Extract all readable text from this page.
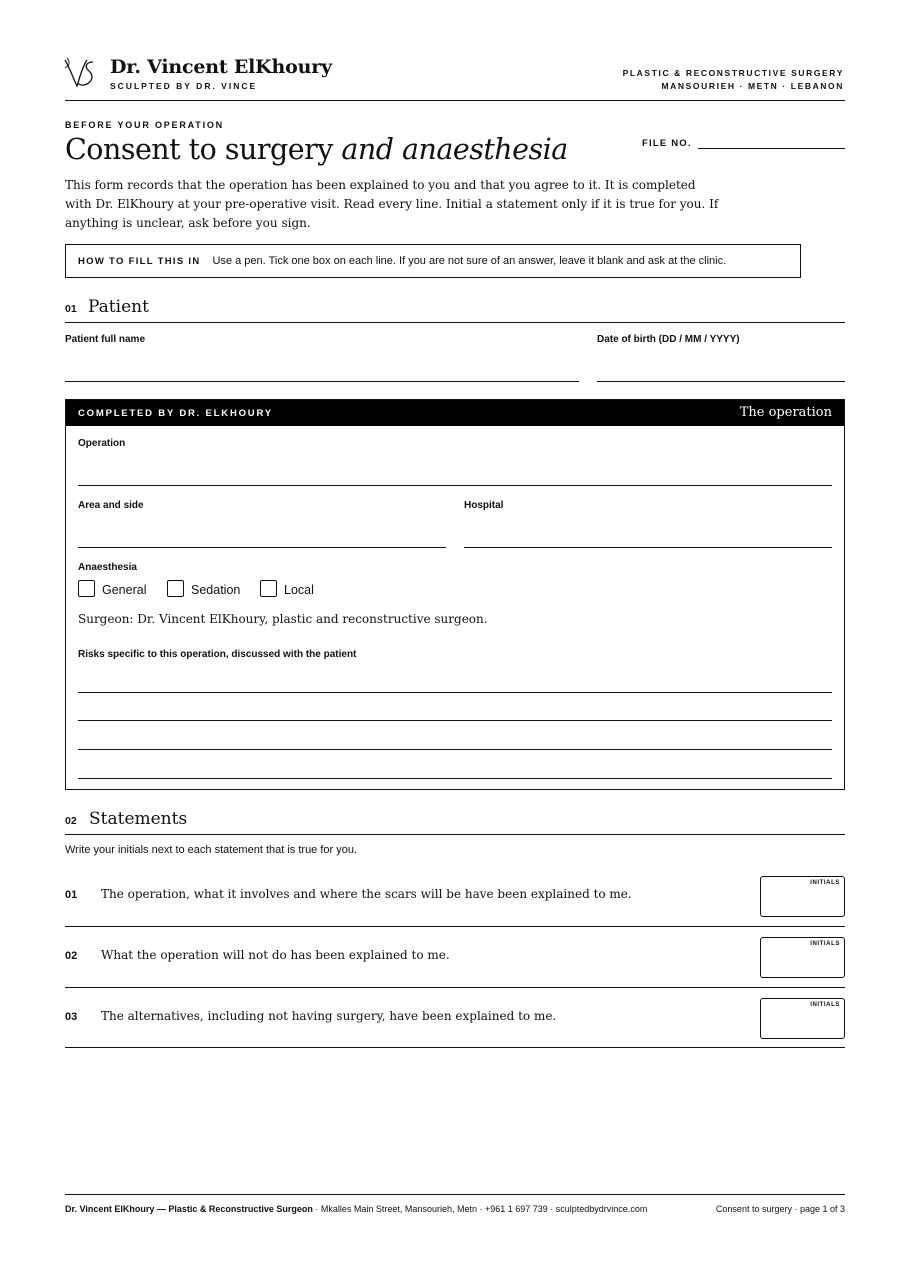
Dr. Vincent ElKhoury
SCULPTED BY DR. VINCE
PLASTIC & RECONSTRUCTIVE SURGERY
MANSOURIEH · METN · LEBANON
BEFORE YOUR OPERATION
Consent to surgery and anaesthesia	FILE NO.
This form records that the operation has been explained to you and that you agree to it. It is completed with Dr. ElKhoury at your pre-operative visit. Read every line. Initial a statement only if it is true for you. If anything is unclear, ask before you sign.
HOW TO FILL THIS IN Use a pen. Tick one box on each line. If you are not sure of an answer, leave it blank and ask at the clinic.
01 Patient
Patient full name	Date of birth (DD / MM / YYYY)
COMPLETED BY DR. ELKHOURY	The operation
Operation
Area and side	Hospital
Anaesthesia
General	Sedation	Local
Surgeon: Dr. Vincent ElKhoury, plastic and reconstructive surgeon.
Risks specific to this operation, discussed with the patient
02 Statements
Write your initials next to each statement that is true for you.
01 The operation, what it involves and where the scars will be have been explained to me.
INITIALS
02 What the operation will not do has been explained to me.
INITIALS
03 The alternatives, including not having surgery, have been explained to me.
INITIALS
Dr. Vincent ElKhoury — Plastic & Reconstructive Surgeon · Mkalles Main Street, Mansourieh, Metn · +961 1 697 739 · sculptedbydrvince.com	Consent to surgery · page 1 of 3
